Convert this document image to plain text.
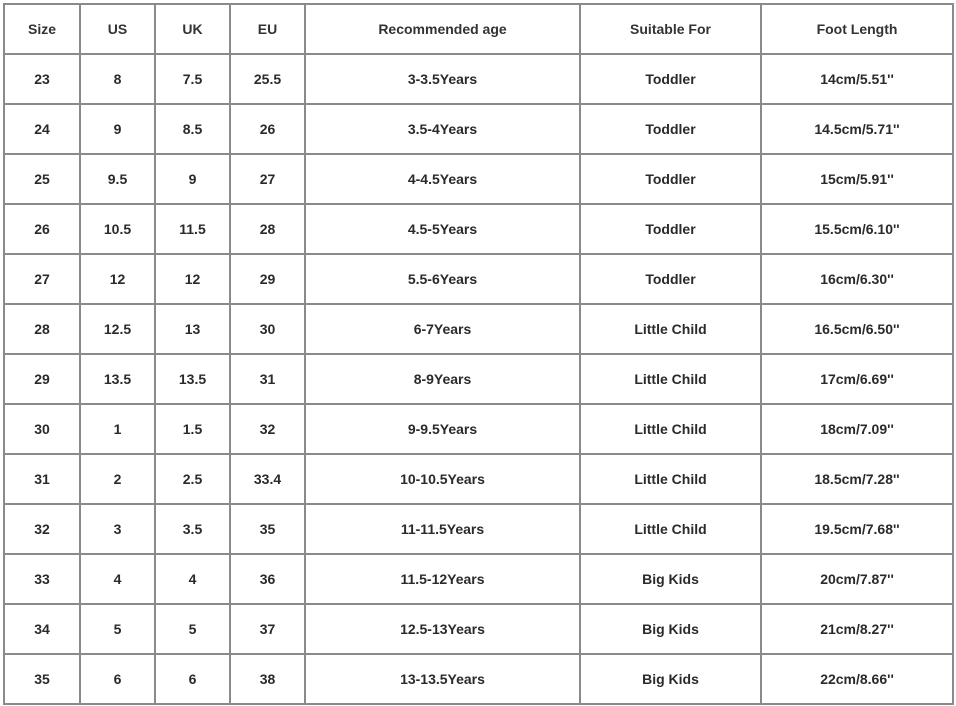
Size	US	UK	EU	Recommended age	Suitable For	Foot Length
23	8	7.5	25.5	3-3.5Years	Toddler	14cm/5.51''
24	9	8.5	26	3.5-4Years	Toddler	14.5cm/5.71''
25	9.5	9	27	4-4.5Years	Toddler	15cm/5.91''
26	10.5	11.5	28	4.5-5Years	Toddler	15.5cm/6.10''
27	12	12	29	5.5-6Years	Toddler	16cm/6.30''
28	12.5	13	30	6-7Years	Little Child	16.5cm/6.50''
29	13.5	13.5	31	8-9Years	Little Child	17cm/6.69''
30	1	1.5	32	9-9.5Years	Little Child	18cm/7.09''
31	2	2.5	33.4	10-10.5Years	Little Child	18.5cm/7.28''
32	3	3.5	35	11-11.5Years	Little Child	19.5cm/7.68''
33	4	4	36	11.5-12Years	Big Kids	20cm/7.87''
34	5	5	37	12.5-13Years	Big Kids	21cm/8.27''
35	6	6	38	13-13.5Years	Big Kids	22cm/8.66''
